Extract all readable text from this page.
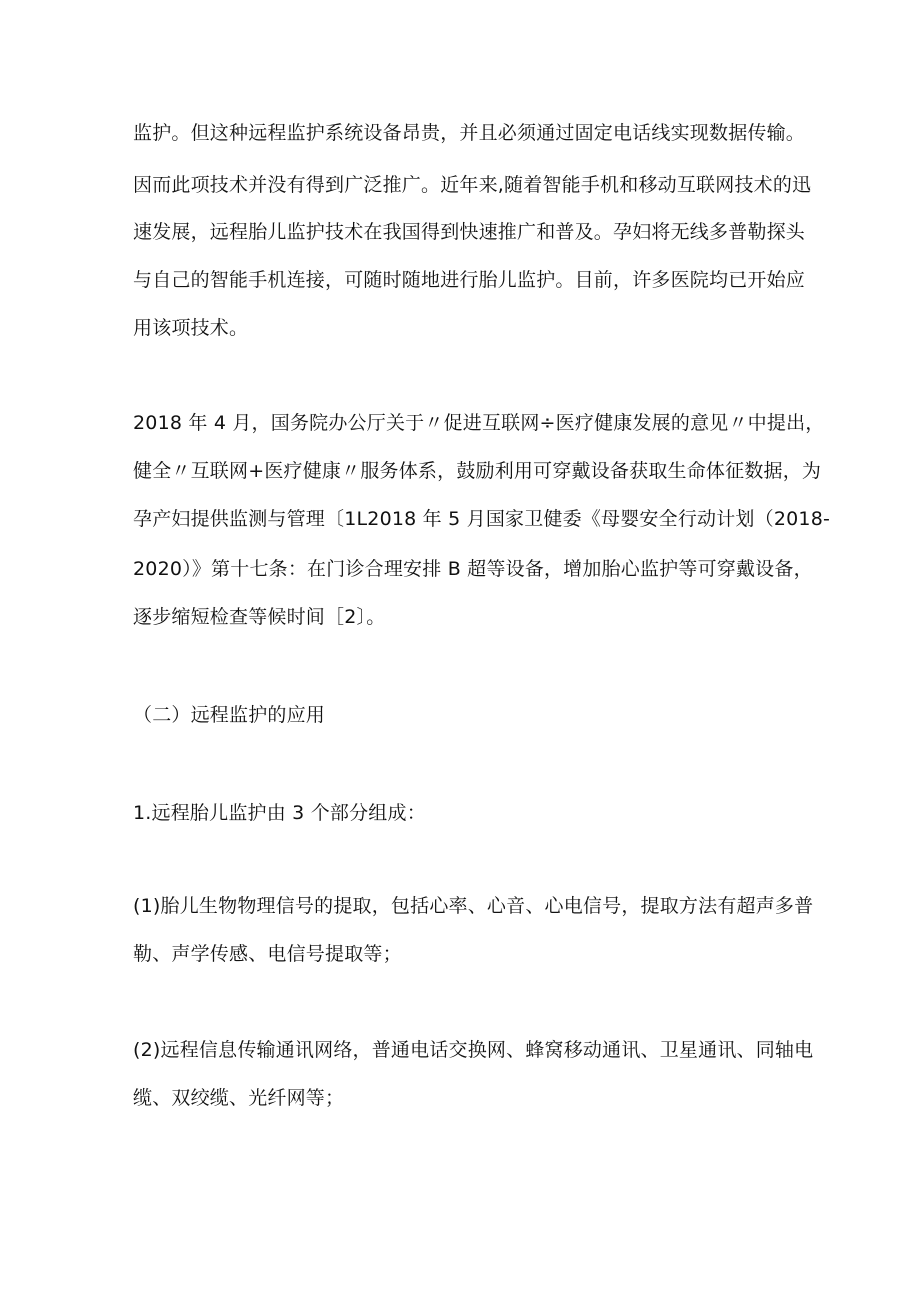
监护。但这种远程监护系统设备昂贵，并且必须通过固定电话线实现数据传输。
因而此项技术并没有得到广泛推广。近年来,随着智能手机和移动互联网技术的迅
速发展，远程胎儿监护技术在我国得到快速推广和普及。孕妇将无线多普勒探头
与自己的智能手机连接，可随时随地进行胎儿监护。目前，许多医院均已开始应
用该项技术。
2018 年 4 月，国务院办公厅关于〃促进互联网÷医疗健康发展的意见〃中提出，
健全〃互联网+医疗健康〃服务体系，鼓励利用可穿戴设备获取生命体征数据，为
孕产妇提供监测与管理〔1L2018 年 5 月国家卫健委《母婴安全行动计划（2018-
2020）》第十七条：在门诊合理安排 B 超等设备，增加胎心监护等可穿戴设备，
逐步缩短检查等候时间［2〕。
（二）远程监护的应用
1.远程胎儿监护由 3 个部分组成：
(1)胎儿生物物理信号的提取，包括心率、心音、心电信号，提取方法有超声多普
勒、声学传感、电信号提取等；
(2)远程信息传输通讯网络，普通电话交换网、蜂窝移动通讯、卫星通讯、同轴电
缆、双绞缆、光纤网等；
